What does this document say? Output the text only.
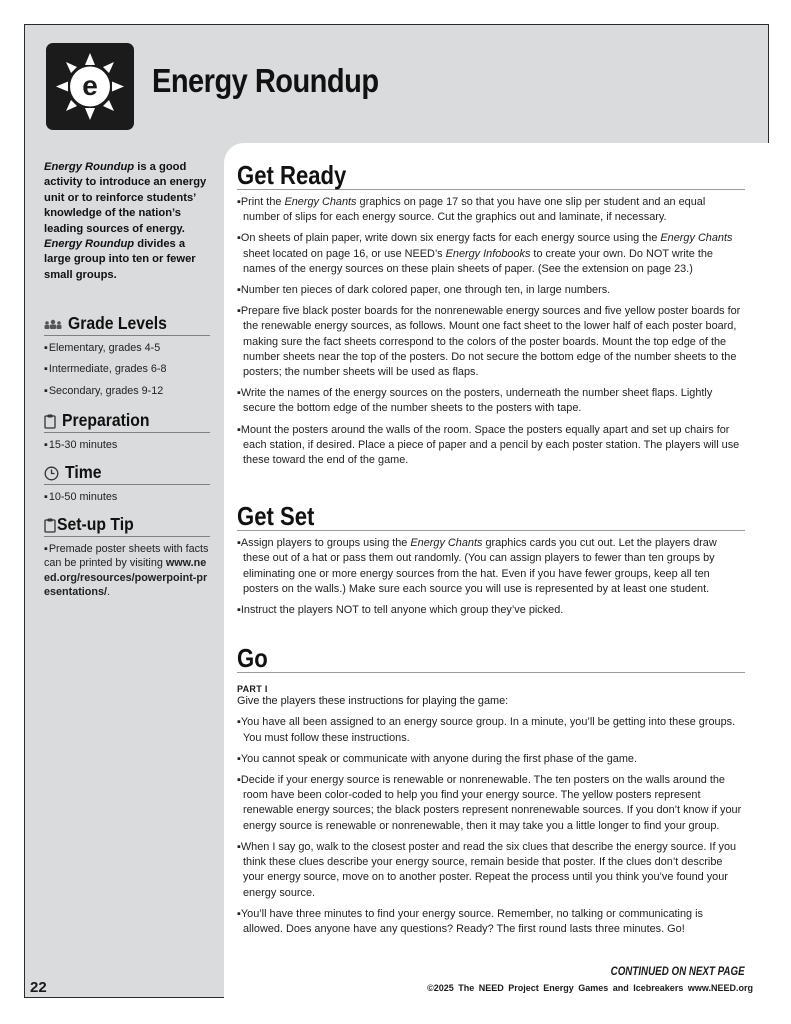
e Energy Roundup

Energy Roundup is a good activity to introduce an energy unit or to reinforce students’ knowledge of the nation’s leading sources of energy. Energy Roundup divides a large group into ten or fewer small groups.

Grade Levels
▪ Elementary, grades 4-5
▪ Intermediate, grades 6-8
▪ Secondary, grades 9-12
Preparation
▪ 15-30 minutes
Time
▪ 10-50 minutes
Set-up Tip
▪ Premade poster sheets with facts can be printed by visiting www.need.org/resources/powerpoint-presentations/.
Get Ready
▪ Print the Energy Chants graphics on page 17 so that you have one slip per student and an equal number of slips for each energy source. Cut the graphics out and laminate, if necessary.
▪ On sheets of plain paper, write down six energy facts for each energy source using the Energy Chants sheet located on page 16, or use NEED’s Energy Infobooks to create your own. Do NOT write the names of the energy sources on these plain sheets of paper. (See the extension on page 23.)
▪ Number ten pieces of dark colored paper, one through ten, in large numbers.
▪ Prepare five black poster boards for the nonrenewable energy sources and five yellow poster boards for the renewable energy sources, as follows. Mount one fact sheet to the lower half of each poster board, making sure the fact sheets correspond to the colors of the poster boards. Mount the top edge of the number sheets near the top of the posters. Do not secure the bottom edge of the number sheets to the posters; the number sheets will be used as flaps.
▪ Write the names of the energy sources on the posters, underneath the number sheet flaps. Lightly secure the bottom edge of the number sheets to the posters with tape.
▪ Mount the posters around the walls of the room. Space the posters equally apart and set up chairs for each station, if desired. Place a piece of paper and a pencil by each poster station. The players will use these toward the end of the game.
Get Set
▪ Assign players to groups using the Energy Chants graphics cards you cut out. Let the players draw these out of a hat or pass them out randomly. (You can assign players to fewer than ten groups by eliminating one or more energy sources from the hat. Even if you have fewer groups, keep all ten posters on the walls.) Make sure each source you will use is represented by at least one student.
▪ Instruct the players NOT to tell anyone which group they’ve picked.
Go
PART I
Give the players these instructions for playing the game:
▪ You have all been assigned to an energy source group. In a minute, you’ll be getting into these groups. You must follow these instructions.
▪ You cannot speak or communicate with anyone during the first phase of the game.
▪ Decide if your energy source is renewable or nonrenewable. The ten posters on the walls around the room have been color-coded to help you find your energy source. The yellow posters represent renewable energy sources; the black posters represent nonrenewable sources. If you don’t know if your energy source is renewable or nonrenewable, then it may take you a little longer to find your group.
▪ When I say go, walk to the closest poster and read the six clues that describe the energy source. If you think these clues describe your energy source, remain beside that poster. If the clues don’t describe your energy source, move on to another poster. Repeat the process until you think you’ve found your energy source.
▪ You’ll have three minutes to find your energy source. Remember, no talking or communicating is allowed. Does anyone have any questions? Ready? The first round lasts three minutes. Go!
CONTINUED ON NEXT PAGE
22	©2025 The NEED Project Energy Games and Icebreakers www.NEED.org
